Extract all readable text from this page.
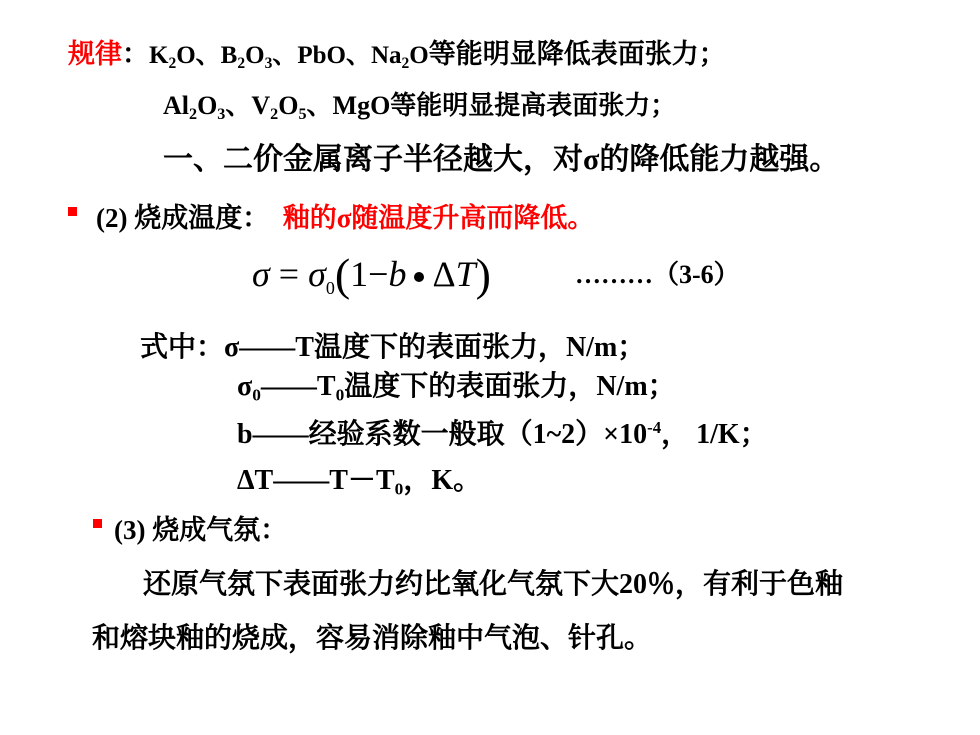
规律：$K_2O$、$B_2O_3$、PbO、$Na_2O$等能明显降低表面张力；
$Al_2O_3$、$V_2O_5$、MgO等能明显提高表面张力；
一、二价金属离子半径越大，对σ的降低能力越强。
(2) 烧成温度： 釉的σ随温度升高而降低。
$\sigma = \sigma_0(1-b$ ΔT)	………（3-6）
式中：σ——T温度下的表面张力，N/m；
$\sigma_0——T_0$温度下的表面张力，N/m；
b——经验系数一般取$(1\sim 2)\times 10^{-4}$， 1/K；
$\Delta T——T-T_0$，K。
(3) 烧成气氛：
还原气氛下表面张力约比氧化气氛下大20％，有利于色釉
和熔块釉的烧成，容易消除釉中气泡、针孔。
